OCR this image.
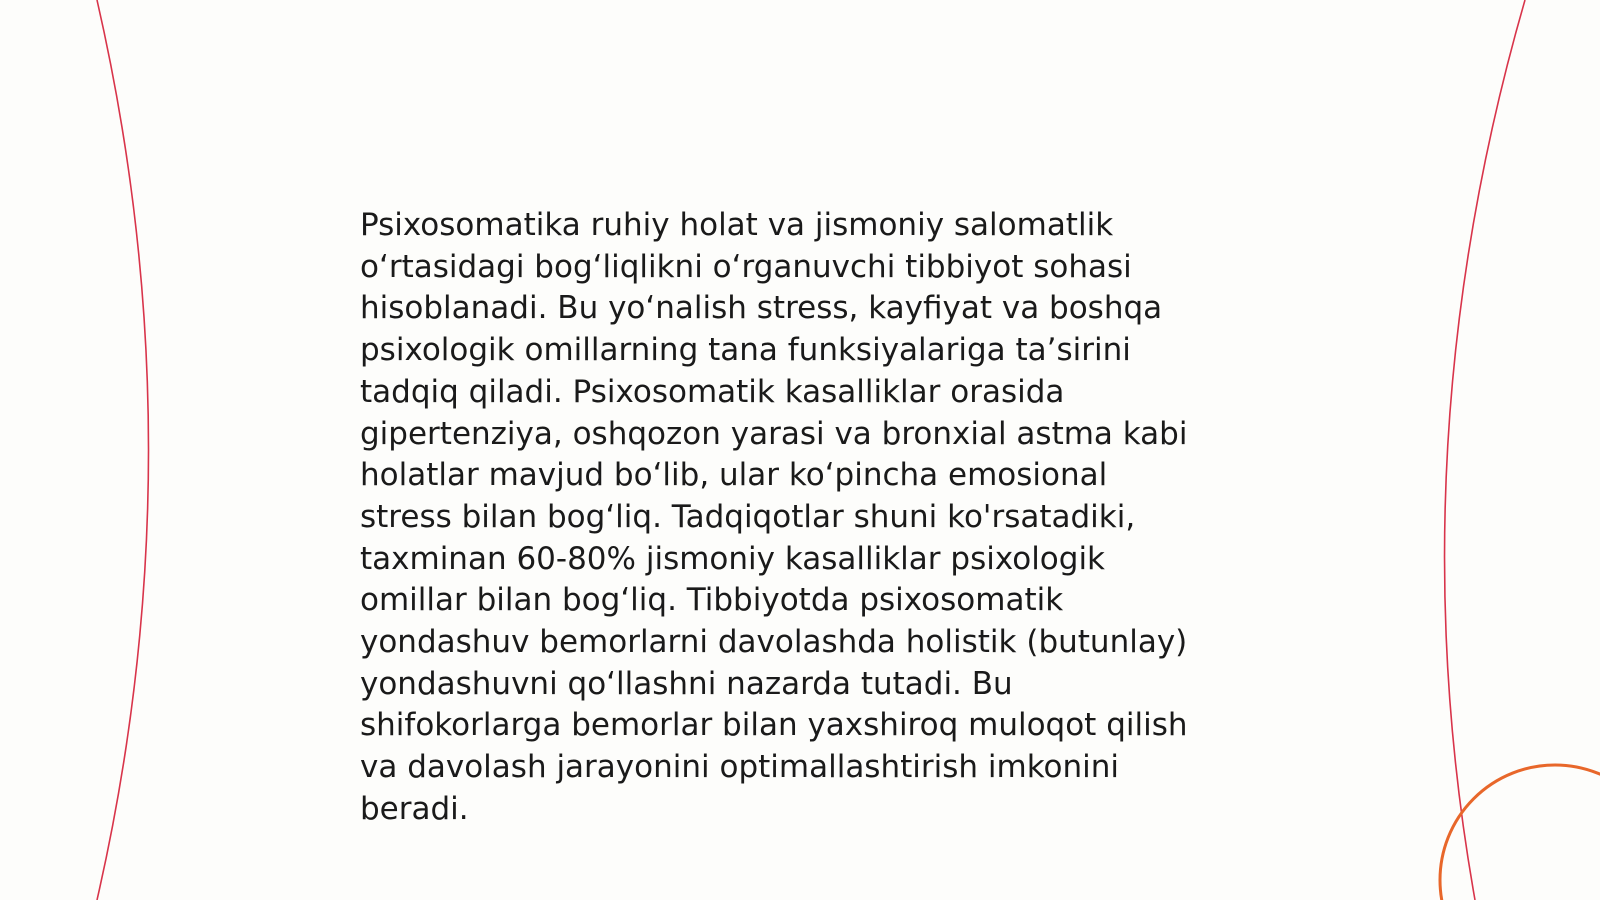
Psixosomatika ruhiy holat va jismoniy salomatlik
o‘rtasidagi bog‘liqlikni o‘rganuvchi tibbiyot sohasi
hisoblanadi. Bu yo‘nalish stress, kayfiyat va boshqa
psixologik omillarning tana funksiyalariga ta’sirini
tadqiq qiladi. Psixosomatik kasalliklar orasida
gipertenziya, oshqozon yarasi va bronxial astma kabi
holatlar mavjud bo‘lib, ular ko‘pincha emosional
stress bilan bog‘liq. Tadqiqotlar shuni ko'rsatadiki,
taxminan 60-80% jismoniy kasalliklar psixologik
omillar bilan bog‘liq. Tibbiyotda psixosomatik
yondashuv bemorlarni davolashda holistik (butunlay)
yondashuvni qo‘llashni nazarda tutadi. Bu
shifokorlarga bemorlar bilan yaxshiroq muloqot qilish
va davolash jarayonini optimallashtirish imkonini
beradi.
